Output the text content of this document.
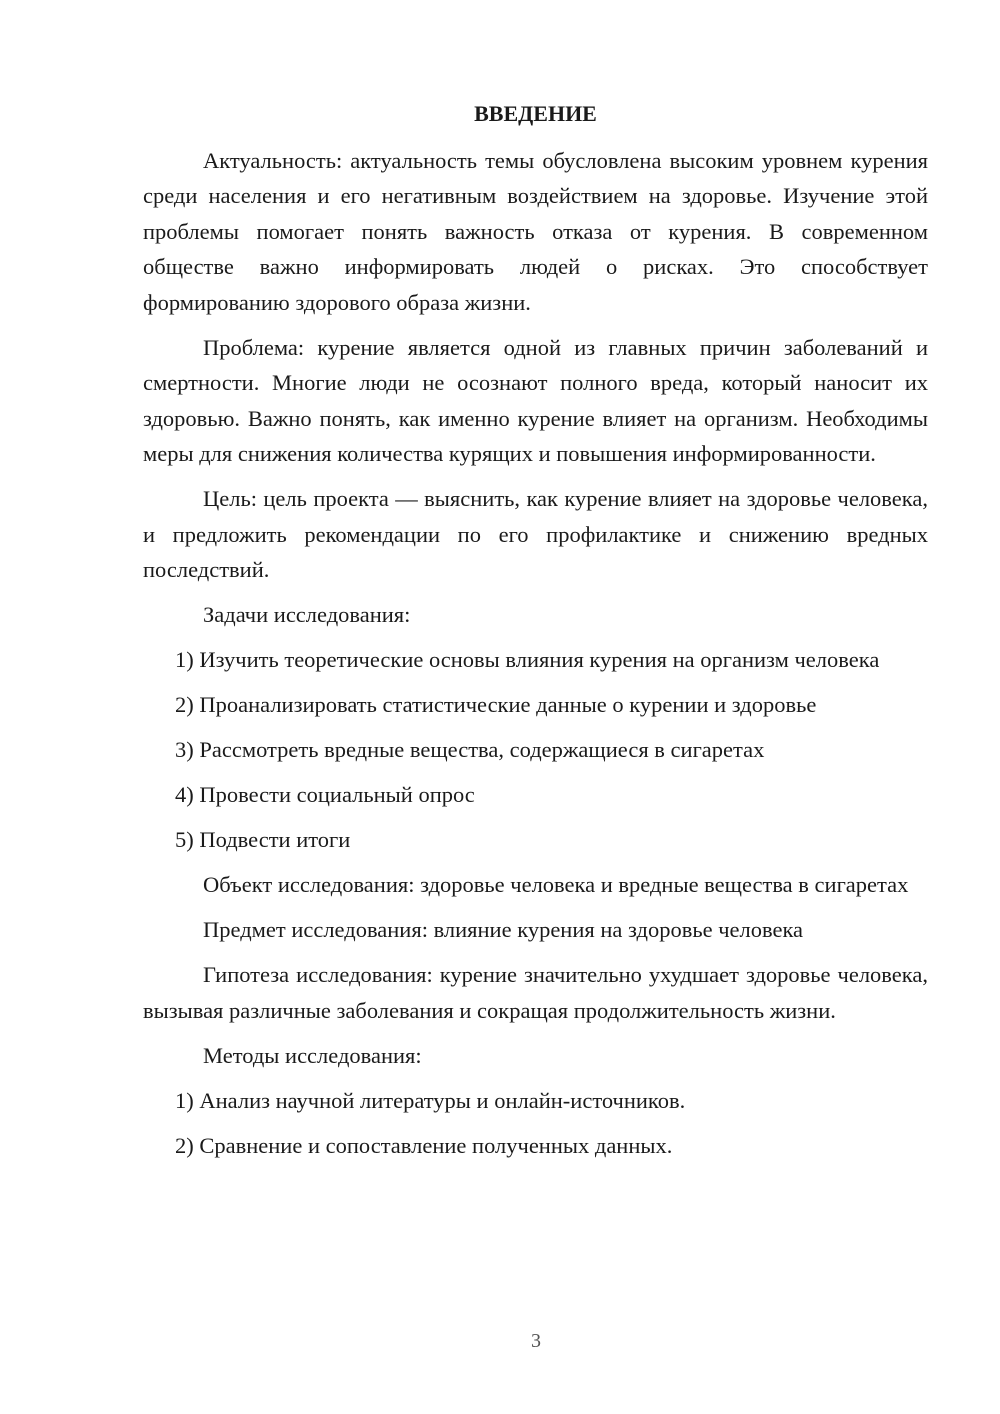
ВВЕДЕНИЕ

Актуальность: актуальность темы обусловлена высоким уровнем курения среди населения и его негативным воздействием на здоровье. Изучение этой проблемы помогает понять важность отказа от курения. В современном обществе важно информировать людей о рисках. Это способствует формированию здорового образа жизни.

Проблема: курение является одной из главных причин заболеваний и смертности. Многие люди не осознают полного вреда, который наносит их здоровью. Важно понять, как именно курение влияет на организм. Необходимы меры для снижения количества курящих и повышения информированности.

Цель: цель проекта — выяснить, как курение влияет на здоровье человека, и предложить рекомендации по его профилактике и снижению вредных последствий.

Задачи исследования:

1) Изучить теоретические основы влияния курения на организм человека

2) Проанализировать статистические данные о курении и здоровье

3) Рассмотреть вредные вещества, содержащиеся в сигаретах

4) Провести социальный опрос

5) Подвести итоги

Объект исследования: здоровье человека и вредные вещества в сигаретах

Предмет исследования: влияние курения на здоровье человека

Гипотеза исследования: курение значительно ухудшает здоровье человека, вызывая различные заболевания и сокращая продолжительность жизни.

Методы исследования:

1) Анализ научной литературы и онлайн-источников.

2) Сравнение и сопоставление полученных данных.

3
